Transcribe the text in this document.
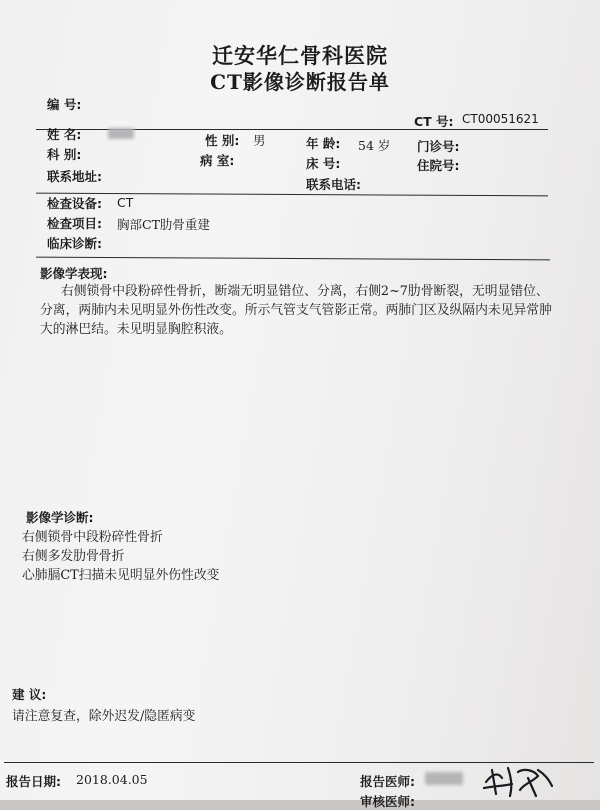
迁安华仁骨科医院
CT影像诊断报告单
编 号:
CT 号: CT00051621
姓 名:	性 别: 男	年 龄: 54 岁 门诊号:
科 别:	病 室:	床 号:	住院号:
联系地址:
联系电话:
检查设备: CT
检查项目: 胸部CT肋骨重建
临床诊断:
影像学表现:
右侧锁骨中段粉碎性骨折，断端无明显错位、分离，右侧2~7肋骨断裂，无明显错位、
分离，两肺内未见明显外伤性改变。所示气管支气管影正常。两肺门区及纵隔内未见异常肿
大的淋巴结。未见明显胸腔积液。
影像学诊断:
右侧锁骨中段粉碎性骨折
右侧多发肋骨骨折
心肺膈CT扫描未见明显外伤性改变
建 议:
请注意复查，除外迟发/隐匿病变
报告日期: 2018.04.05	报告医师:
审核医师:
